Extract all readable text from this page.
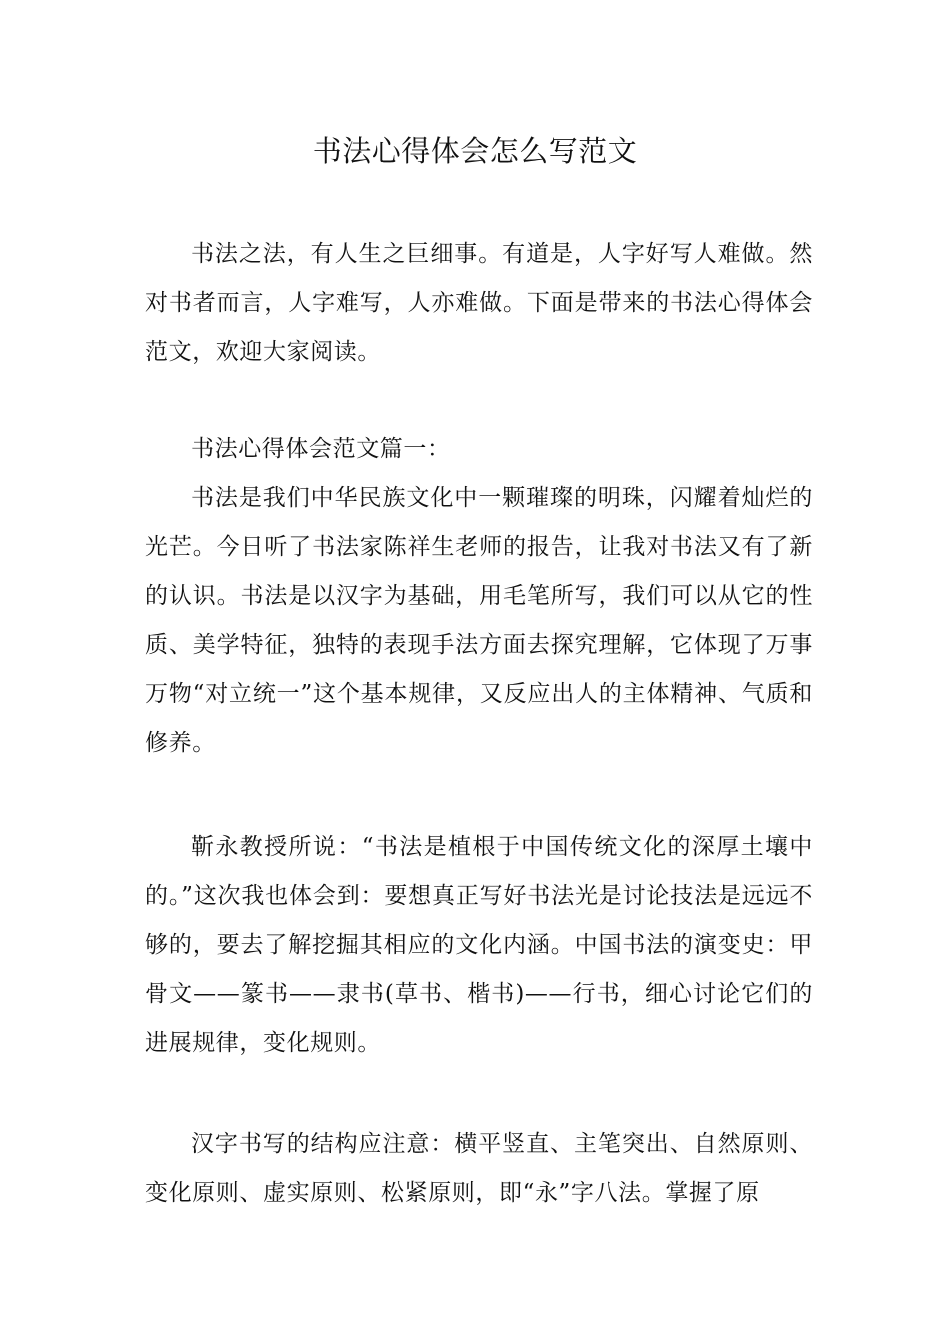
书法心得体会怎么写范文

书法之法，有人生之巨细事。有道是，人字好写人难做。然对书者而言，人字难写，人亦难做。下面是带来的书法心得体会范文，欢迎大家阅读。

书法心得体会范文篇一：

书法是我们中华民族文化中一颗璀璨的明珠，闪耀着灿烂的光芒。今日听了书法家陈祥生老师的报告，让我对书法又有了新的认识。书法是以汉字为基础，用毛笔所写，我们可以从它的性质、美学特征，独特的表现手法方面去探究理解，它体现了万事万物“对立统一”这个基本规律，又反应出人的主体精神、气质和修养。

靳永教授所说：“书法是植根于中国传统文化的深厚土壤中的。”这次我也体会到：要想真正写好书法光是讨论技法是远远不够的，要去了解挖掘其相应的文化内涵。中国书法的演变史：甲骨文——篆书——隶书(草书、楷书)——行书，细心讨论它们的进展规律，变化规则。

汉字书写的结构应注意：横平竖直、主笔突出、自然原则、变化原则、虚实原则、松紧原则，即“永”字八法。掌握了原
